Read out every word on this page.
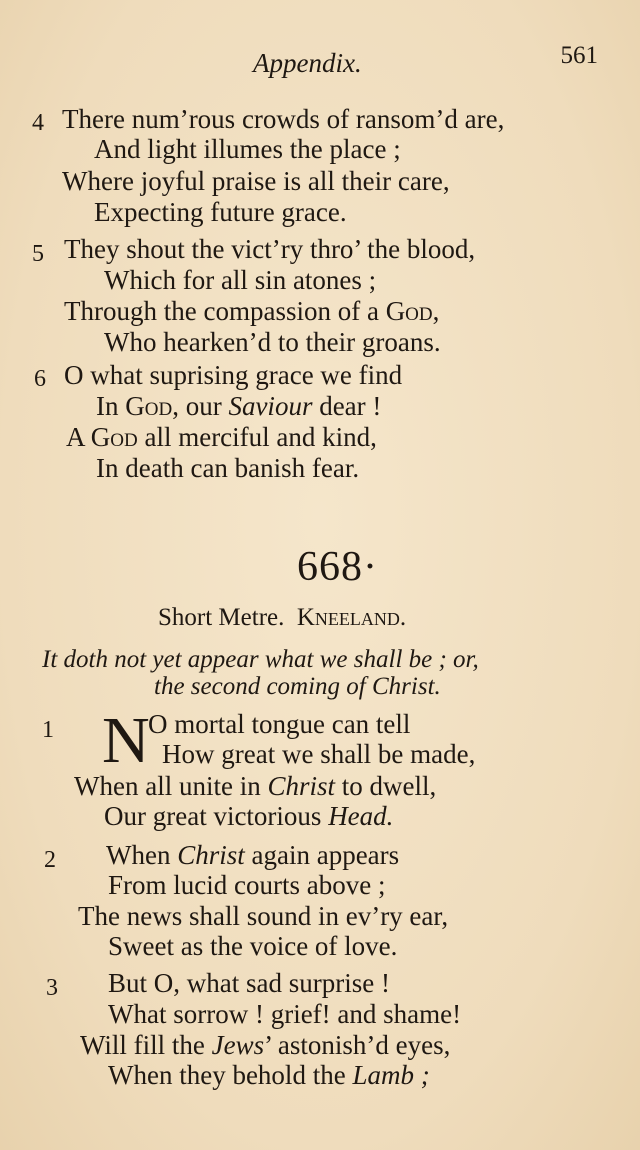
Appendix.	561
4 There num’rous crowds of ransom’d are,
And light illumes the place ;
Where joyful praise is all their care,
Expecting future grace.
5 They shout the vict’ry thro’ the blood,
Which for all sin atones ;
Through the compassion of a God,
Who hearken’d to their groans.
6 O what suprising grace we find
In God, our Saviour dear !
A God all merciful and kind,
In death can banish fear.
668·
Short Metre. Kneeland.
It doth not yet appear what we shall be ; or,
the second coming of Christ.
1 N
O mortal tongue can tell
How great we shall be made,
When all unite in Christ to dwell,
Our great victorious Head.
2 When Christ again appears
From lucid courts above ;
The news shall sound in ev’ry ear,
Sweet as the voice of love.
3 But O, what sad surprise !
What sorrow ! grief! and shame!
Will fill the Jews’ astonish’d eyes,
When they behold the Lamb ;
